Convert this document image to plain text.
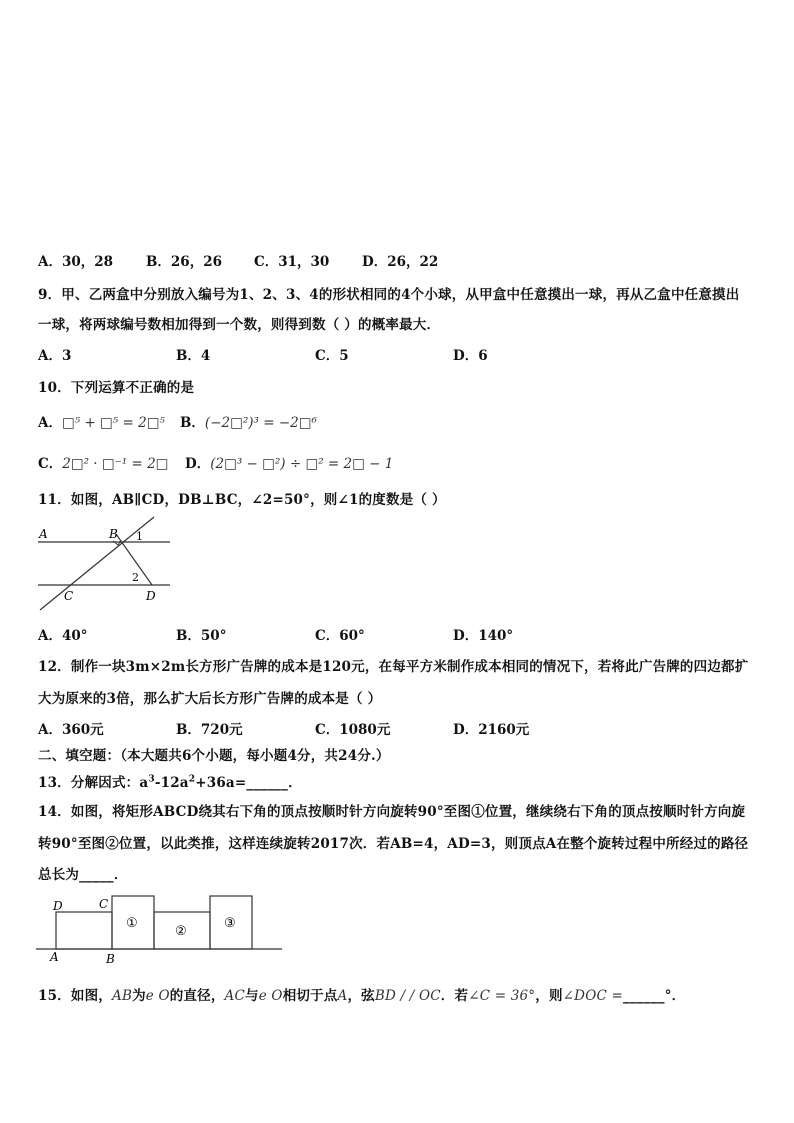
A．30，28 B．26，26 C．31，30 D．26，22
9．甲、乙两盒中分别放入编号为1、2、3、4的形状相同的4个小球，从甲盒中任意摸出一球，再从乙盒中任意摸出
一球，将两球编号数相加得到一个数，则得到数（ ）的概率最大．
A．3	B．4	C．5	D．6
10．下列运算不正确的是
A．□⁵ + □⁵ = 2□⁵ B．(−2□²)³ = −2□⁶
C．2□² · □⁻¹ = 2□ D．(2□³ − □²) ÷ □² = 2□ − 1
11．如图，AB∥CD，DB⊥BC，∠2=50°，则∠1的度数是（ ）
A	B 1
2
C	D
A．40°	B．50°	C．60°	D．140°
12．制作一块3m×2m长方形广告牌的成本是120元，在每平方米制作成本相同的情况下，若将此广告牌的四边都扩
大为原来的3倍，那么扩大后长方形广告牌的成本是（ ）
A．360元	B．720元	C．1080元	D．2160元
二、填空题：（本大题共6个小题，每小题4分，共24分.）
13．分解因式：$a^3-12a^2+36a=\_\_\_\_\_\_$．
14．如图，将矩形ABCD绕其右下角的顶点按顺时针方向旋转90°至图①位置，继续绕右下角的顶点按顺时针方向旋
转90°至图②位置，以此类推，这样连续旋转2017次．若AB=4，AD=3，则顶点A在整个旋转过程中所经过的路径
总长为_____．
D	C
A	B
①
②
③
15．如图，AB为e O的直径，AC与e O相切于点A，弦BD / / OC．若∠C = 36°，则∠DOC =______°．
